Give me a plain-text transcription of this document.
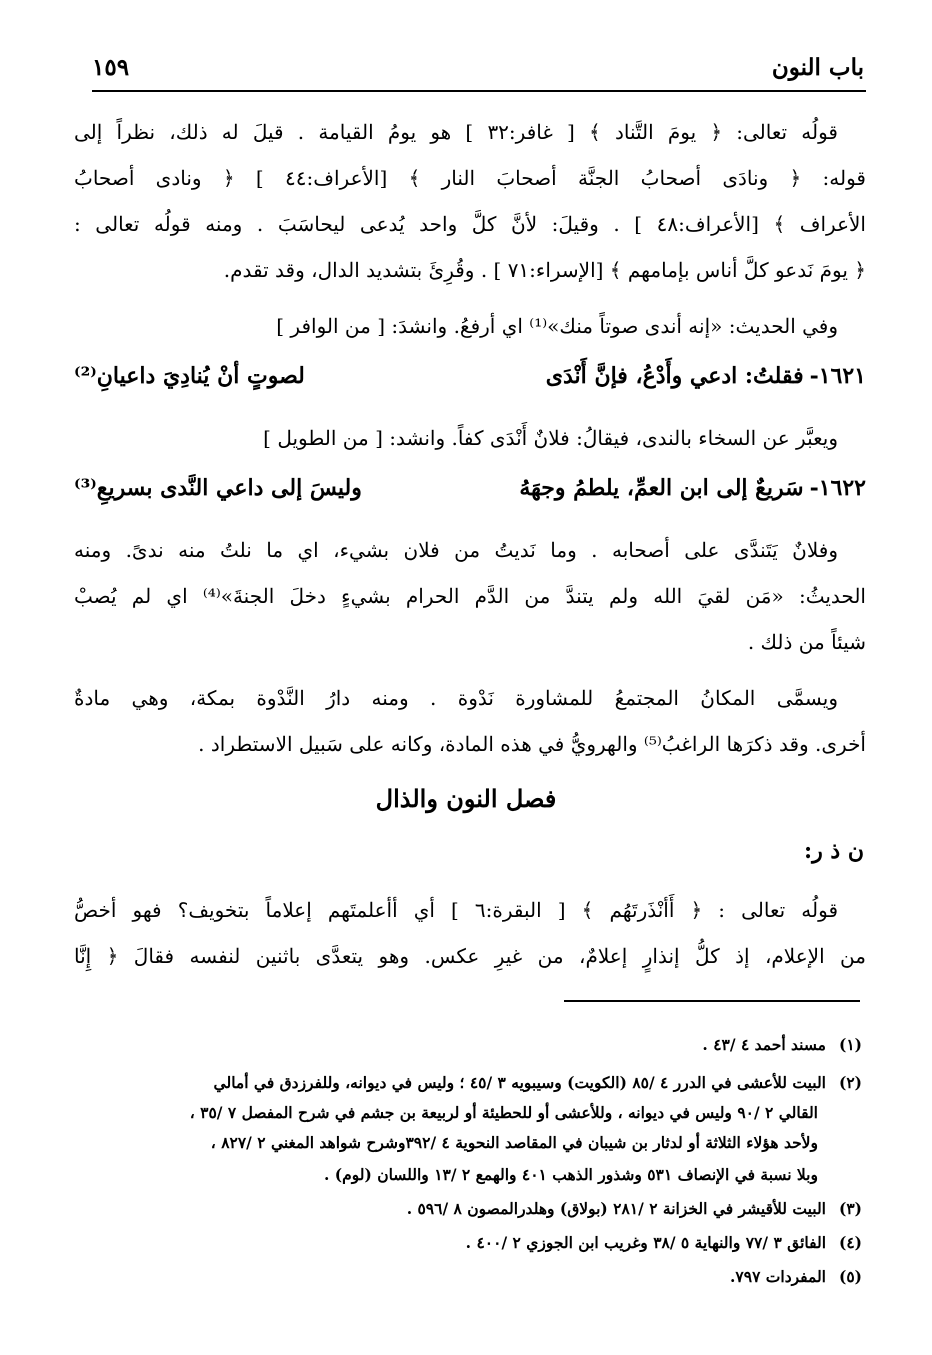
باب النون
١٥٩
قولُه تعالى: ﴿ يومَ التَّناد ﴾ [ غافر:٣٢ ] هو يومُ القيامة . قيلَ له ذلك، نظراً إلى
قوله: ﴿ ونادَى أصحابُ الجنَّة أصحابَ النار ﴾ [الأعراف:٤٤ ] ﴿ ونادى أصحابُ
الأعراف ﴾ [الأعراف:٤٨ ] . وقيلَ: لأنَّ كلَّ واحد يُدعى ليحاسَبَ . ومنه قولُه تعالى :
﴿ يومَ نَدعو كلَّ أناس بإمامهم ﴾ [الإسراء:٧١ ] . وقُرِئَ بتشديد الدال، وقد تقدم.
وفي الحديث: «إنه أندى صوتاً منك»⁽¹⁾ اي أرفعُ. وانشدَ: [ من الوافر ]
١٦٢١-فقلتُ: ادعي وأَدْعُ، فإنَّ أَنْدَى
لصوتٍ أنْ يُنادِيَ داعيانِ⁽²⁾
ويعبَّر عن السخاء بالندى، فيقالُ: فلانٌ أَنْدَى كفاً. وانشد: [ من الطويل ]
١٦٢٢-سَريعٌ إلى ابن العمِّ، يلطمُ وجهَهُ
وليسَ إلى داعي النَّدى بسريعِ⁽³⁾
وفلانٌ يَتَندَّى على أصحابه . وما نَديتُ من فلان بشيء، اي ما نلتُ منه ندىً. ومنه
الحديثُ: «مَن لقيَ الله ولم يتندَّ من الدَّم الحرام بشيءٍ دخلَ الجنةَ»⁽⁴⁾ اي لم يُصبْ
شيئاً من ذلك .
ويسمَّى المكانُ المجتمعُ للمشاورة نَدْوة . ومنه دارُ النَّدْوة بمكة، وهي مادةٌ
أخرى. وقد ذكرَها الراغبُ⁽⁵⁾ والهرويُّ في هذه المادة، وكانه على سَبيل الاستطراد .
فصل النون والذال
ن ذ ر:
قولُه تعالى : ﴿ أَأنْذَرتَهُم ﴾ [ البقرة:٦ ] أي أأعلمتَهم إعلاماً بتخويف؟ فهو أخصُّ
من الإعلام، إذ كلُّ إنذارٍ إعلامٌ، من غيرِ عكس. وهو يتعدَّى باثنين لنفسه فقالَ ﴿ إِنَّا
(١)مسند أحمد ٤ /٤٣ .
(٢)البيت للأعشى في الدرر ٤ /٨٥ (الكويت) وسيبويه ٣ /٤٥ ؛ وليس في ديوانه، وللفرزدق في أمالي
القالي ٢ /٩٠ وليس في ديوانه ، وللأعشى أو للحطيئة أو لربيعة بن جشم في شرح المفصل ٧ /٣٥ ،
ولأحد هؤلاء الثلاثة أو لدثار بن شيبان في المقاصد النحوية ٤ /٣٩٢وشرح شواهد المغني ٢ /٨٢٧ ،
وبلا نسبة في الإنصاف ٥٣١ وشذور الذهب ٤٠١ والهمع ٢ /١٣ واللسان (لوم) .
(٣)البيت للأقيشر في الخزانة ٢ /٢٨١ (بولاق) وهلدرالمصون ٨ /٥٩٦ .
(٤)الفائق ٣ /٧٧ والنهاية ٥ /٣٨ وغريب ابن الجوزي ٢ /٤٠٠ .
(٥)المفردات ٧٩٧.
